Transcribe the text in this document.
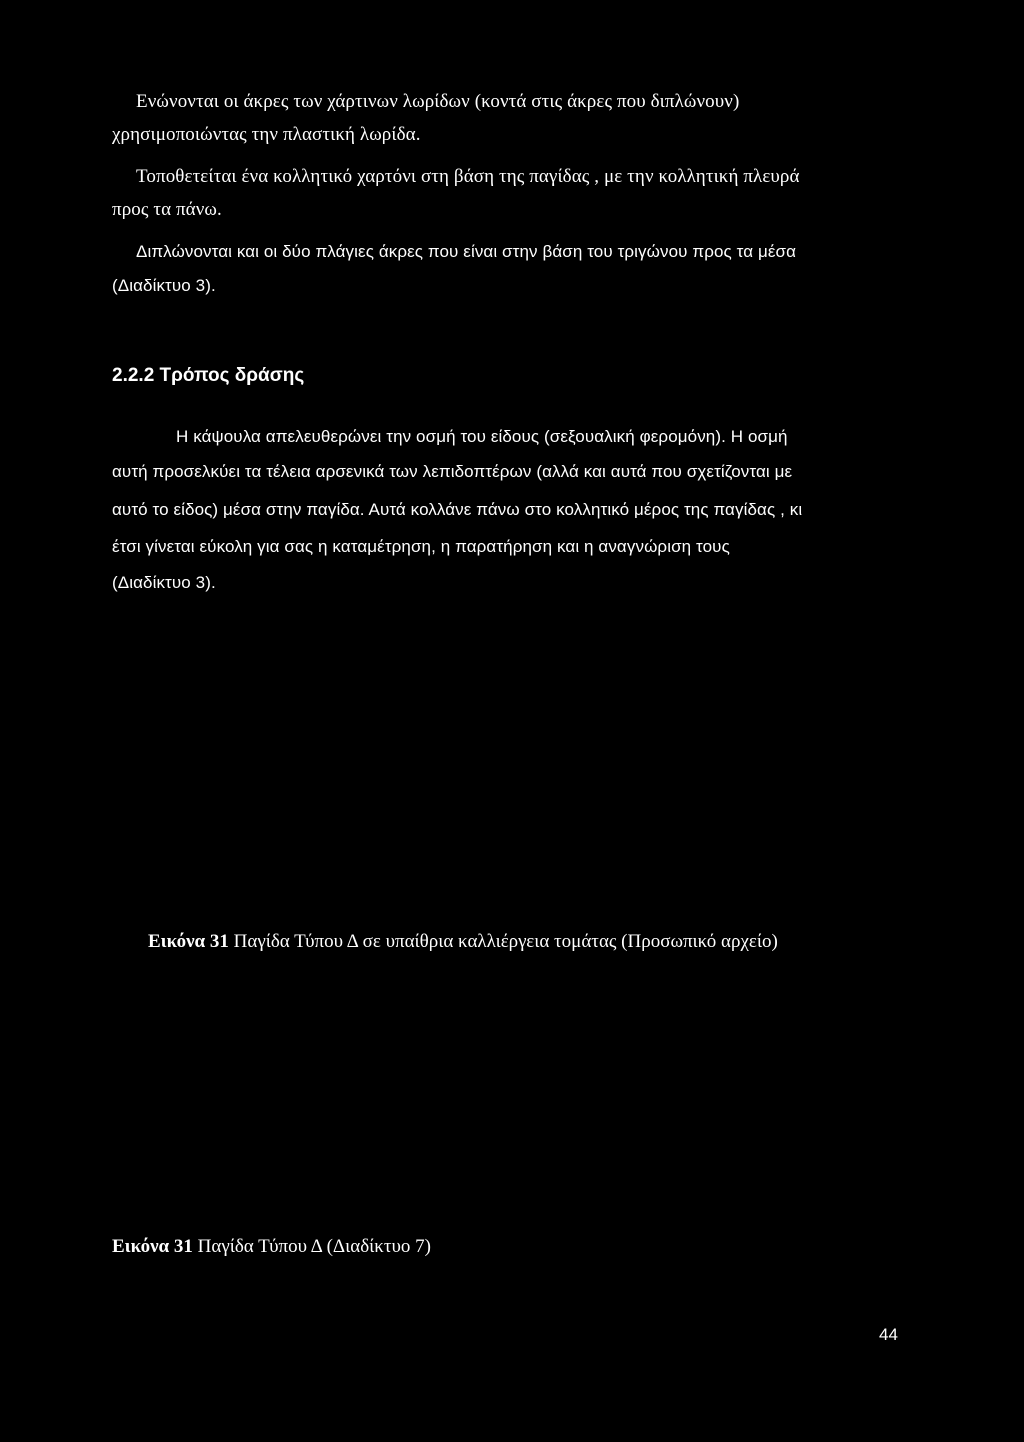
Ενώνονται οι άκρες των χάρτινων λωρίδων (κοντά στις άκρες που διπλώνουν)
χρησιμοποιώντας την πλαστική λωρίδα.
Τοποθετείται ένα κολλητικό χαρτόνι στη βάση της παγίδας , με την κολλητική πλευρά
προς τα πάνω.
Διπλώνονται και οι δύο πλάγιες άκρες που είναι στην βάση του τριγώνου προς τα μέσα
(Διαδίκτυο 3).
2.2.2 Τρόπος δράσης
Η κάψουλα απελευθερώνει την οσμή του είδους (σεξουαλική φερομόνη). Η οσμή
αυτή προσελκύει τα τέλεια αρσενικά των λεπιδοπτέρων (αλλά και αυτά που σχετίζονται με
αυτό το είδος) μέσα στην παγίδα. Αυτά κολλάνε πάνω στο κολλητικό μέρος της παγίδας , κι
έτσι γίνεται εύκολη για σας η καταμέτρηση, η παρατήρηση και η αναγνώριση τους
(Διαδίκτυο 3).
Εικόνα 31 Παγίδα Τύπου Δ σε υπαίθρια καλλιέργεια τομάτας (Προσωπικό αρχείο)
Εικόνα 31 Παγίδα Τύπου Δ (Διαδίκτυο 7)
44
